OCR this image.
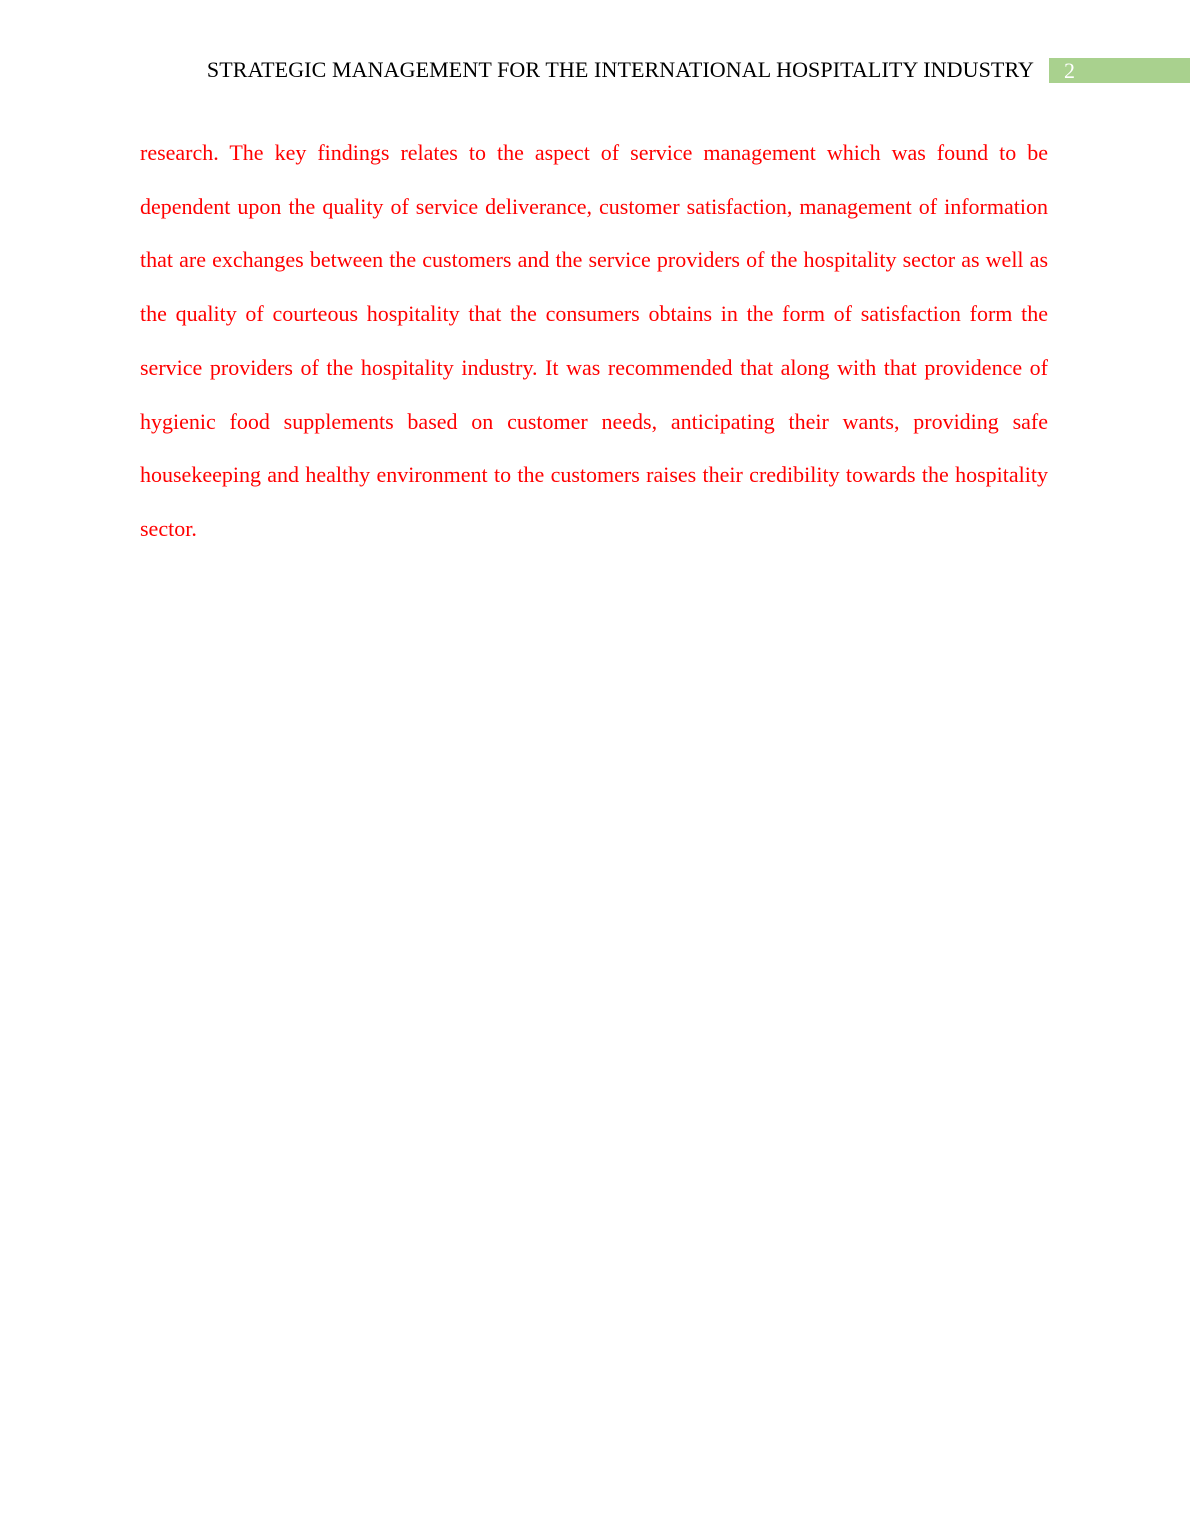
STRATEGIC MANAGEMENT FOR THE INTERNATIONAL HOSPITALITY INDUSTRY 2

research. The key findings relates to the aspect of service management which was found to be dependent upon the quality of service deliverance, customer satisfaction, management of information that are exchanges between the customers and the service providers of the hospitality sector as well as the quality of courteous hospitality that the consumers obtains in the form of satisfaction form the service providers of the hospitality industry. It was recommended that along with that providence of hygienic food supplements based on customer needs, anticipating their wants, providing safe housekeeping and healthy environment to the customers raises their credibility towards the hospitality sector.
